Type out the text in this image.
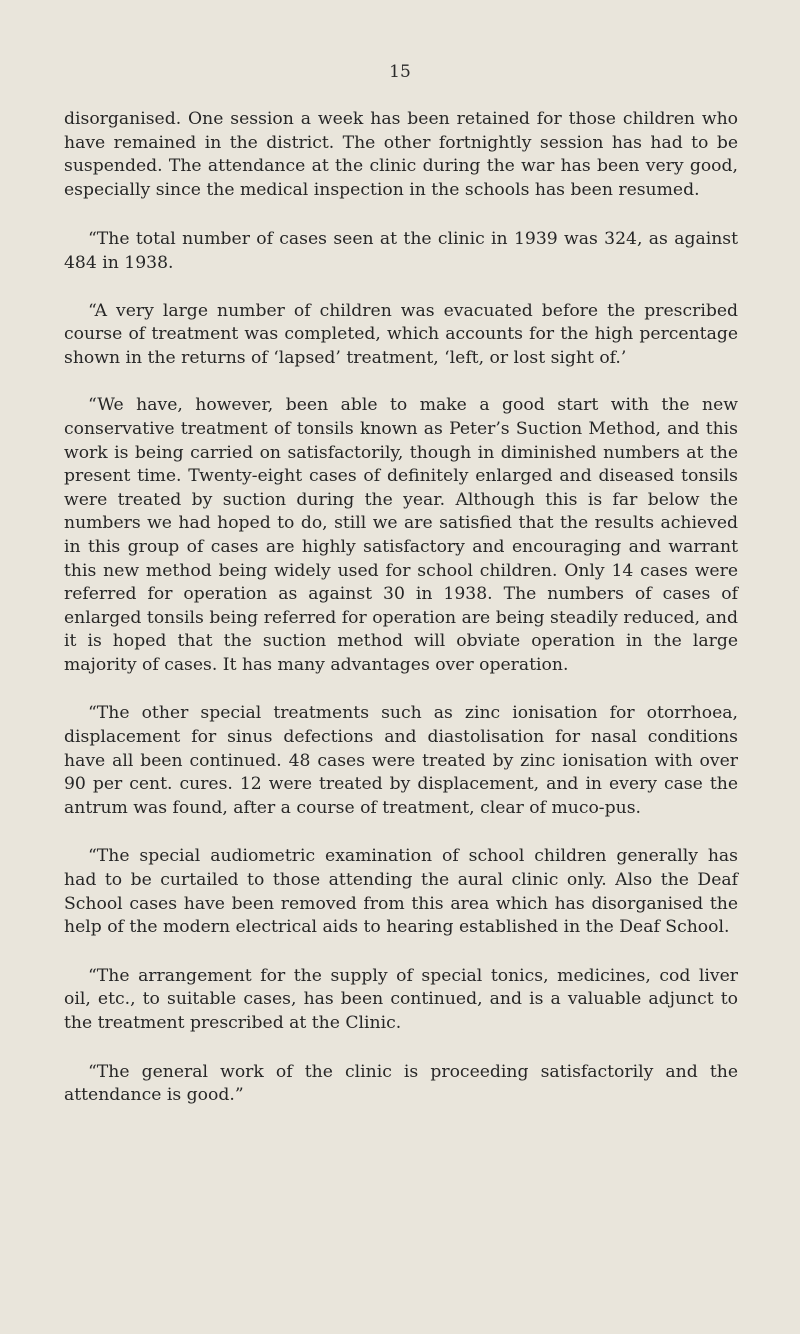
15

disorganised. One session a week has been retained for those children who have remained in the district. The other fortnightly session has had to be suspended. The attendance at the clinic during the war has been very good, especially since the medical inspection in the schools has been resumed.

“The total number of cases seen at the clinic in 1939 was 324, as against 484 in 1938.

“A very large number of children was evacuated before the prescribed course of treatment was completed, which accounts for the high percentage shown in the returns of ‘lapsed’ treatment, ‘left, or lost sight of.’

“We have, however, been able to make a good start with the new conservative treatment of tonsils known as Peter’s Suction Method, and this work is being carried on satisfactorily, though in diminished numbers at the present time. Twenty-eight cases of definitely enlarged and diseased tonsils were treated by suction during the year. Although this is far below the numbers we had hoped to do, still we are satisfied that the results achieved in this group of cases are highly satisfactory and encouraging and warrant this new method being widely used for school children. Only 14 cases were referred for operation as against 30 in 1938. The numbers of cases of enlarged tonsils being referred for operation are being steadily reduced, and it is hoped that the suction method will obviate operation in the large majority of cases. It has many advantages over operation.

“The other special treatments such as zinc ionisation for otorrhoea, displacement for sinus defections and diastolisation for nasal conditions have all been continued. 48 cases were treated by zinc ionisation with over 90 per cent. cures. 12 were treated by displacement, and in every case the antrum was found, after a course of treatment, clear of muco-pus.

“The special audiometric examination of school children generally has had to be curtailed to those attending the aural clinic only. Also the Deaf School cases have been removed from this area which has disorganised the help of the modern electrical aids to hearing established in the Deaf School.

“The arrangement for the supply of special tonics, medicines, cod liver oil, etc., to suitable cases, has been continued, and is a valuable adjunct to the treatment prescribed at the Clinic.

“The general work of the clinic is proceeding satisfactorily and the attendance is good.”
